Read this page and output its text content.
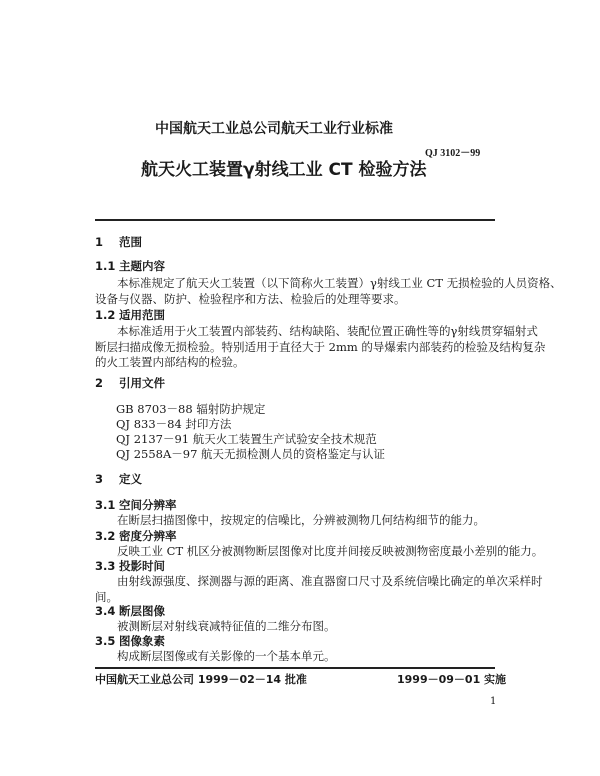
中国航天工业总公司航天工业行业标准
QJ 3102－99
航天火工装置γ射线工业 CT 检验方法
1 范围
1.1 主题内容
本标准规定了航天火工装置（以下简称火工装置）γ射线工业 CT 无损检验的人员资格、
设备与仪器、防护、检验程序和方法、检验后的处理等要求。
1.2 适用范围
本标准适用于火工装置内部装药、结构缺陷、装配位置正确性等的γ射线贯穿辐射式
断层扫描成像无损检验。特别适用于直径大于 2mm 的导爆索内部装药的检验及结构复杂
的火工装置内部结构的检验。
2 引用文件
GB 8703－88 辐射防护规定
QJ 833－84 封印方法
QJ 2137－91 航天火工装置生产试验安全技术规范
QJ 2558A－97 航天无损检测人员的资格鉴定与认证
3 定义
3.1 空间分辨率
在断层扫描图像中，按规定的信噪比，分辨被测物几何结构细节的能力。
3.2 密度分辨率
反映工业 CT 机区分被测物断层图像对比度并间接反映被测物密度最小差别的能力。
3.3 投影时间
由射线源强度、探测器与源的距离、准直器窗口尺寸及系统信噪比确定的单次采样时
间。
3.4 断层图像
被测断层对射线衰减特征值的二维分布图。
3.5 图像象素
构成断层图像或有关影像的一个基本单元。
中国航天工业总公司 1999－02－14 批准	1999－09－01 实施
1
